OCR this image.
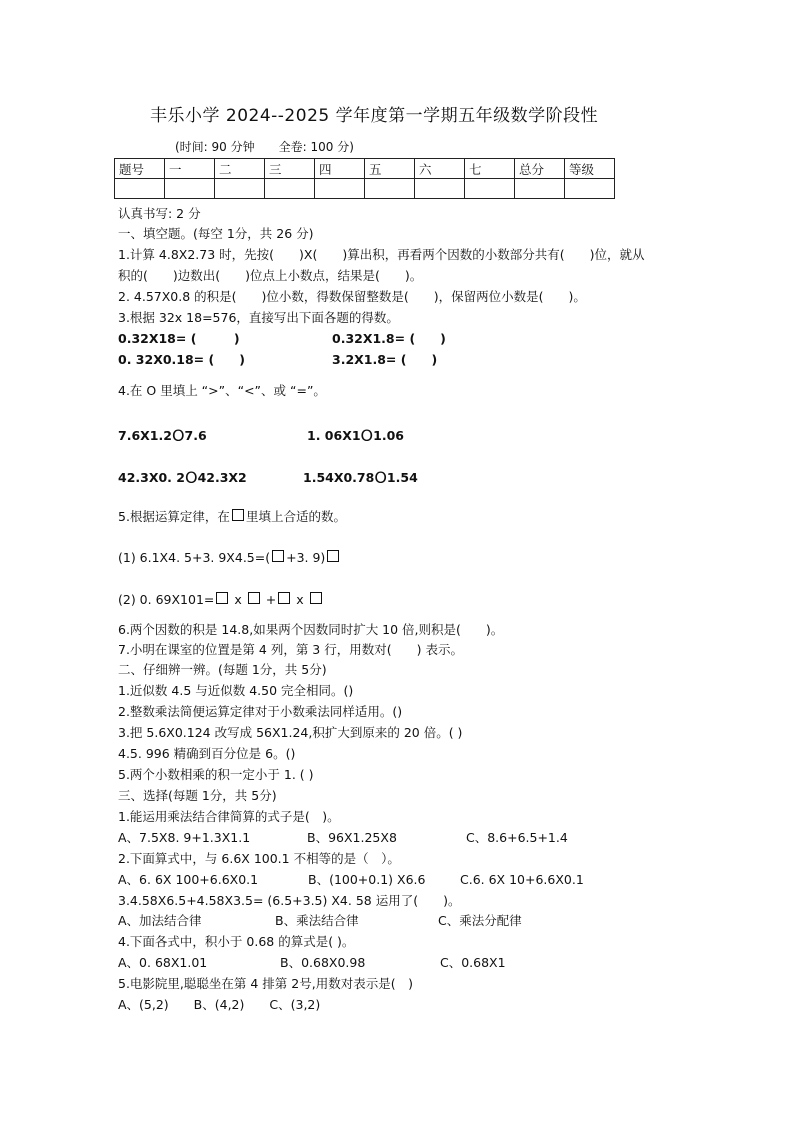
丰乐小学 2024--2025 学年度第一学期五年级数学阶段性
(时间: 90 分钟　　全卷: 100 分)
题号	一	二	三	四	五	六	七	总分	等级

认真书写: 2 分
一、填空题。(每空 1分，共 26 分)
1.计算 4.8X2.73 时，先按(　　)X(　　)算出积，再看两个因数的小数部分共有(　　)位，就从
积的(　　)边数出(　　)位点上小数点，结果是(　　)。
2. 4.57X0.8 的积是(　　)位小数，得数保留整数是(　　)，保留两位小数是(　　)。
3.根据 32x 18=576，直接写出下面各题的得数。
0.32X18= (　　　)	0.32X1.8= (　　)
0. 32X0.18= (　　)	3.2X1.8= (　　)
4.在 O 里填上 “>”、“<”、或 “=”。
7.6X1.2O7.6	1. 06X1O1.06
42.3X0. 2O42.3X2	1.54X0.78O1.54
5.根据运算定律，在 里填上合适的数。
(1) 6.1X4. 5+3. 9X4.5=( +3. 9)
(2) 0. 69X101= x + x
6.两个因数的积是 14.8,如果两个因数同时扩大 10 倍,则积是(　　)。
7.小明在课室的位置是第 4 列，第 3 行，用数对(　　) 表示。
二、仔细辨一辨。(每题 1分，共 5分)
1.近似数 4.5 与近似数 4.50 完全相同。()
2.整数乘法简便运算定律对于小数乘法同样适用。()
3.把 5.6X0.124 改写成 56X1.24,积扩大到原来的 20 倍。( )
4.5. 996 精确到百分位是 6。()
5.两个小数相乘的积一定小于 1. ( )
三、选择(每题 1分，共 5分)
1.能运用乘法结合律简算的式子是(　)。
A、7.5X8. 9+1.3X1.1	B、96X1.25X8	C、8.6+6.5+1.4
2.下面算式中，与 6.6X 100.1 不相等的是（　）。
A、6. 6X 100+6.6X0.1	B、(100+0.1) X6.6	C.6. 6X 10+6.6X0.1
3.4.58X6.5+4.58X3.5= (6.5+3.5) X4. 58 运用了(　　)。
A、加法结合律	B、乘法结合律	C、乘法分配律
4.下面各式中，积小于 0.68 的算式是( )。
A、0. 68X1.01	B、0.68X0.98	C、0.68X1
5.电影院里,聪聪坐在第 4 排第 2号,用数对表示是(　)
A、(5,2)　　B、(4,2)　　C、(3,2)
